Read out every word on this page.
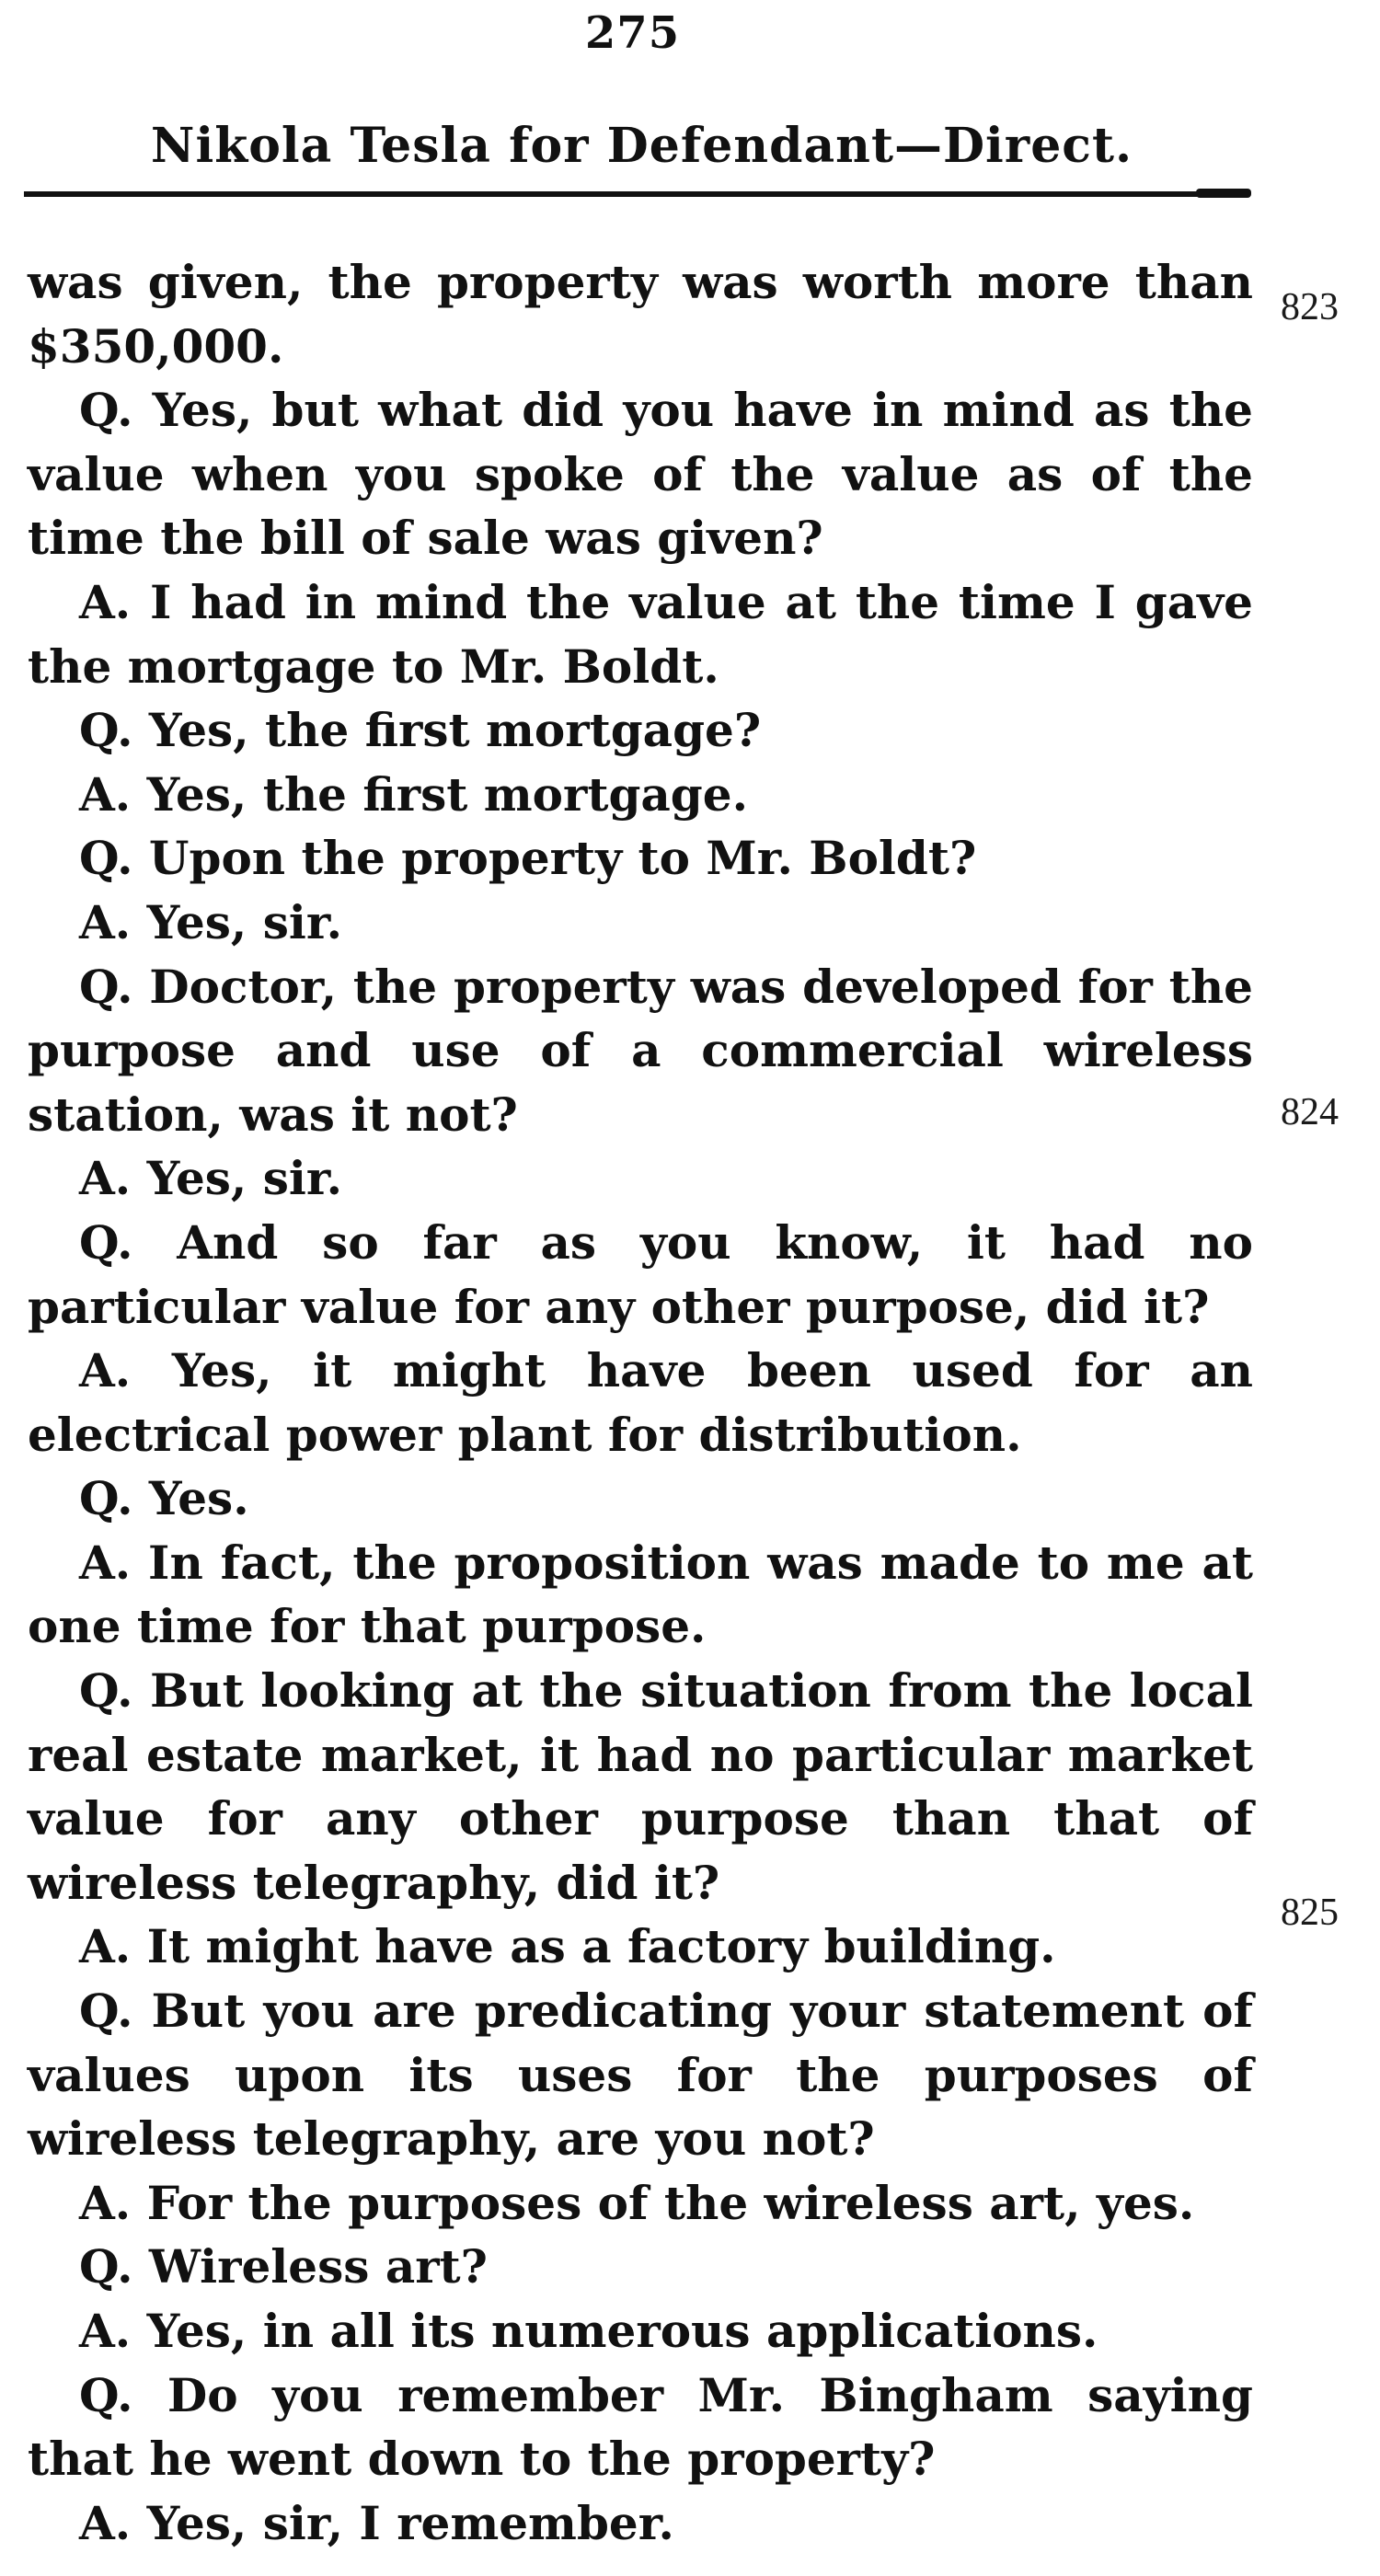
275
Nikola Tesla for Defendant—Direct.

was given, the property was worth more than $350,000.

Q. Yes, but what did you have in mind as the value when you spoke of the value as of the time the bill of sale was given?

A. I had in mind the value at the time I gave the mortgage to Mr. Boldt.

Q. Yes, the first mortgage?

A. Yes, the first mortgage.

Q. Upon the property to Mr. Boldt?

A. Yes, sir.

Q. Doctor, the property was developed for the purpose and use of a commercial wireless station, was it not?

A. Yes, sir.

Q. And so far as you know, it had no particular value for any other purpose, did it?

A. Yes, it might have been used for an electrical power plant for distribution.

Q. Yes.

A. In fact, the proposition was made to me at one time for that purpose.

Q. But looking at the situation from the local real estate market, it had no particular market value for any other purpose than that of wireless telegraphy, did it?

A. It might have as a factory building.

Q. But you are predicating your statement of values upon its uses for the purposes of wireless telegraphy, are you not?

A. For the purposes of the wireless art, yes.

Q. Wireless art?

A. Yes, in all its numerous applications.

Q. Do you remember Mr. Bingham saying that he went down to the property?

A. Yes, sir, I remember.

823
824
825
